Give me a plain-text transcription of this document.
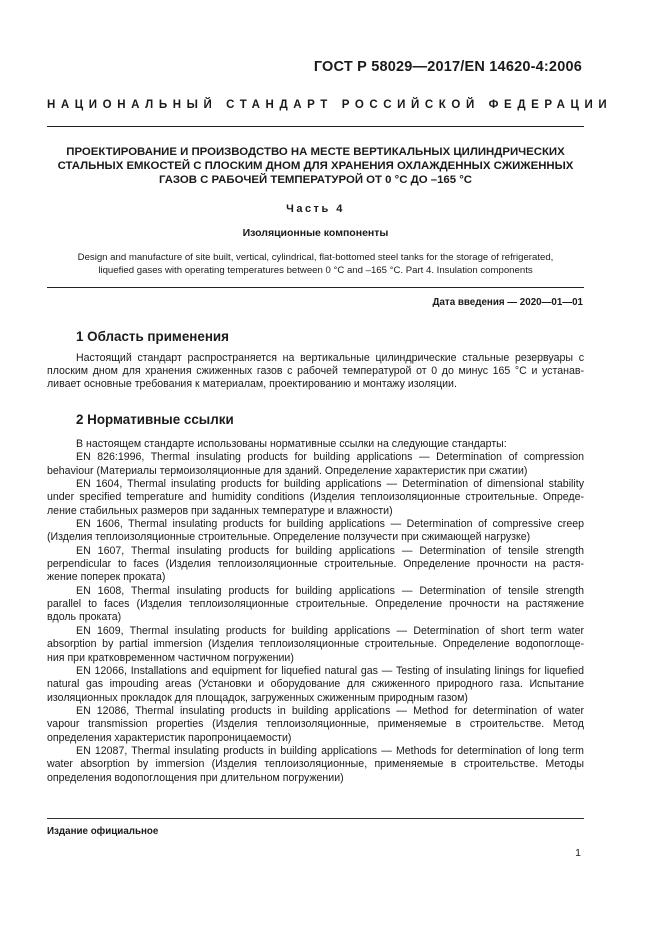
ГОСТ Р 58029—2017/EN 14620-4:2006
НАЦИОНАЛЬНЫЙ СТАНДАРТ РОССИЙСКОЙ ФЕДЕРАЦИИ
ПРОЕКТИРОВАНИЕ И ПРОИЗВОДСТВО НА МЕСТЕ ВЕРТИКАЛЬНЫХ ЦИЛИНДРИЧЕСКИХ
СТАЛЬНЫХ ЕМКОСТЕЙ С ПЛОСКИМ ДНОМ ДЛЯ ХРАНЕНИЯ ОХЛАЖДЕННЫХ СЖИЖЕННЫХ
ГАЗОВ С РАБОЧЕЙ ТЕМПЕРАТУРОЙ ОТ 0 °С ДО –165 °С
Часть 4
Изоляционные компоненты
Design and manufacture of site built, vertical, cylindrical, flat-bottomed steel tanks for the storage of refrigerated,
liquefied gases with operating temperatures between 0 °C and –165 °C. Part 4. Insulation components
Дата введения — 2020—01—01
1 Область применения
Настоящий стандарт распространяется на вертикальные цилиндрические стальные резервуары с
плоским дном для хранения сжиженных газов с рабочей температурой от 0 до минус 165 °С и устанав-
ливает основные требования к материалам, проектированию и монтажу изоляции.
2 Нормативные ссылки
В настоящем стандарте использованы нормативные ссылки на следующие стандарты:
EN 826:1996, Thermal insulating products for building applications — Determination of compression
behaviour (Материалы термоизоляционные для зданий. Определение характеристик при сжатии)
EN 1604, Thermal insulating products for building applications — Determination of dimensional stability
under specified temperature and humidity conditions (Изделия теплоизоляционные строительные. Опреде-
ление стабильных размеров при заданных температуре и влажности)
EN 1606, Thermal insulating products for building applications — Determination of compressive creep
(Изделия теплоизоляционные строительные. Определение ползучести при сжимающей нагрузке)
EN 1607, Thermal insulating products for building applications — Determination of tensile strength
perpendicular to faces (Изделия теплоизоляционные строительные. Определение прочности на растя-
жение поперек проката)
EN 1608, Thermal insulating products for building applications — Determination of tensile strength
parallel to faces (Изделия теплоизоляционные строительные. Определение прочности на растяжение
вдоль проката)
EN 1609, Thermal insulating products for building applications — Determination of short term water
absorption by partial immersion (Изделия теплоизоляционные строительные. Определение водопоглоще-
ния при кратковременном частичном погружении)
EN 12066, Installations and equipment for liquefied natural gas — Testing of insulating linings for liquefied
natural gas impouding areas (Установки и оборудование для сжиженного природного газа. Испытание
изоляционных прокладок для площадок, загруженных сжиженным природным газом)
EN 12086, Thermal insulating products in building applications — Method for determination of water
vapour transmission properties (Изделия теплоизоляционные, применяемые в строительстве. Метод
определения характеристик паропроницаемости)
EN 12087, Thermal insulating products in building applications — Methods for determination of long term
water absorption by immersion (Изделия теплоизоляционные, применяемые в строительстве. Методы
определения водопоглощения при длительном погружении)
Издание официальное
1
